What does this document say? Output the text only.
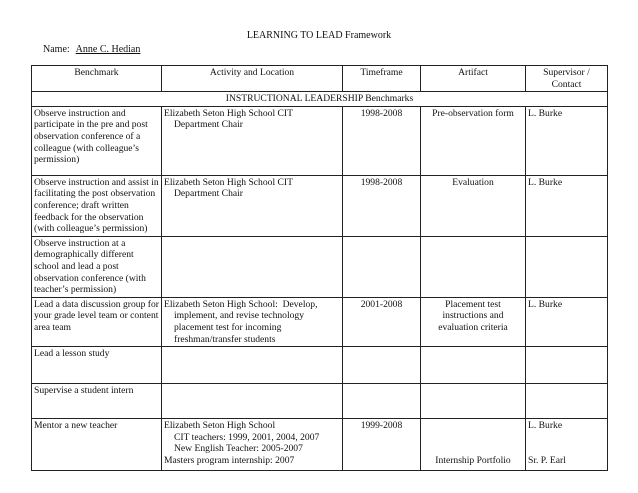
LEARNING TO LEAD Framework
Name: Anne C. Hedian
Benchmark	Activity and Location	Timeframe	Artifact	Supervisor /
Contact

INSTRUCTIONAL LEADERSHIP Benchmarks				
Observe instruction and participate in the pre and post observation conference of a colleague (with colleague’s permission)	Elizabeth Seton High School CIT
Department Chair	1998-2008	Pre-observation form	L. Burke
Observe instruction and assist in facilitating the post observation conference; draft written feedback for the observation (with colleague’s permission)	Elizabeth Seton High School CIT
Department Chair	1998-2008	Evaluation	L. Burke
Observe instruction at a demographically different school and lead a post observation conference (with teacher’s permission)				
Lead a data discussion group for your grade level team or content area team	Elizabeth Seton High School:  Develop,
implement, and revise technology placement test for incoming freshman/transfer students	2001-2008	Placement test instructions and evaluation criteria	L. Burke
Lead a lesson study				
Supervise a student intern				
Mentor a new teacher	Elizabeth Seton High School
CIT teachers: 1999, 2001, 2004, 2007
New English Teacher: 2005-2007
Masters program internship: 2007	1999-2008	Internship Portfolio	L. Burke
Sr. P. Earl
